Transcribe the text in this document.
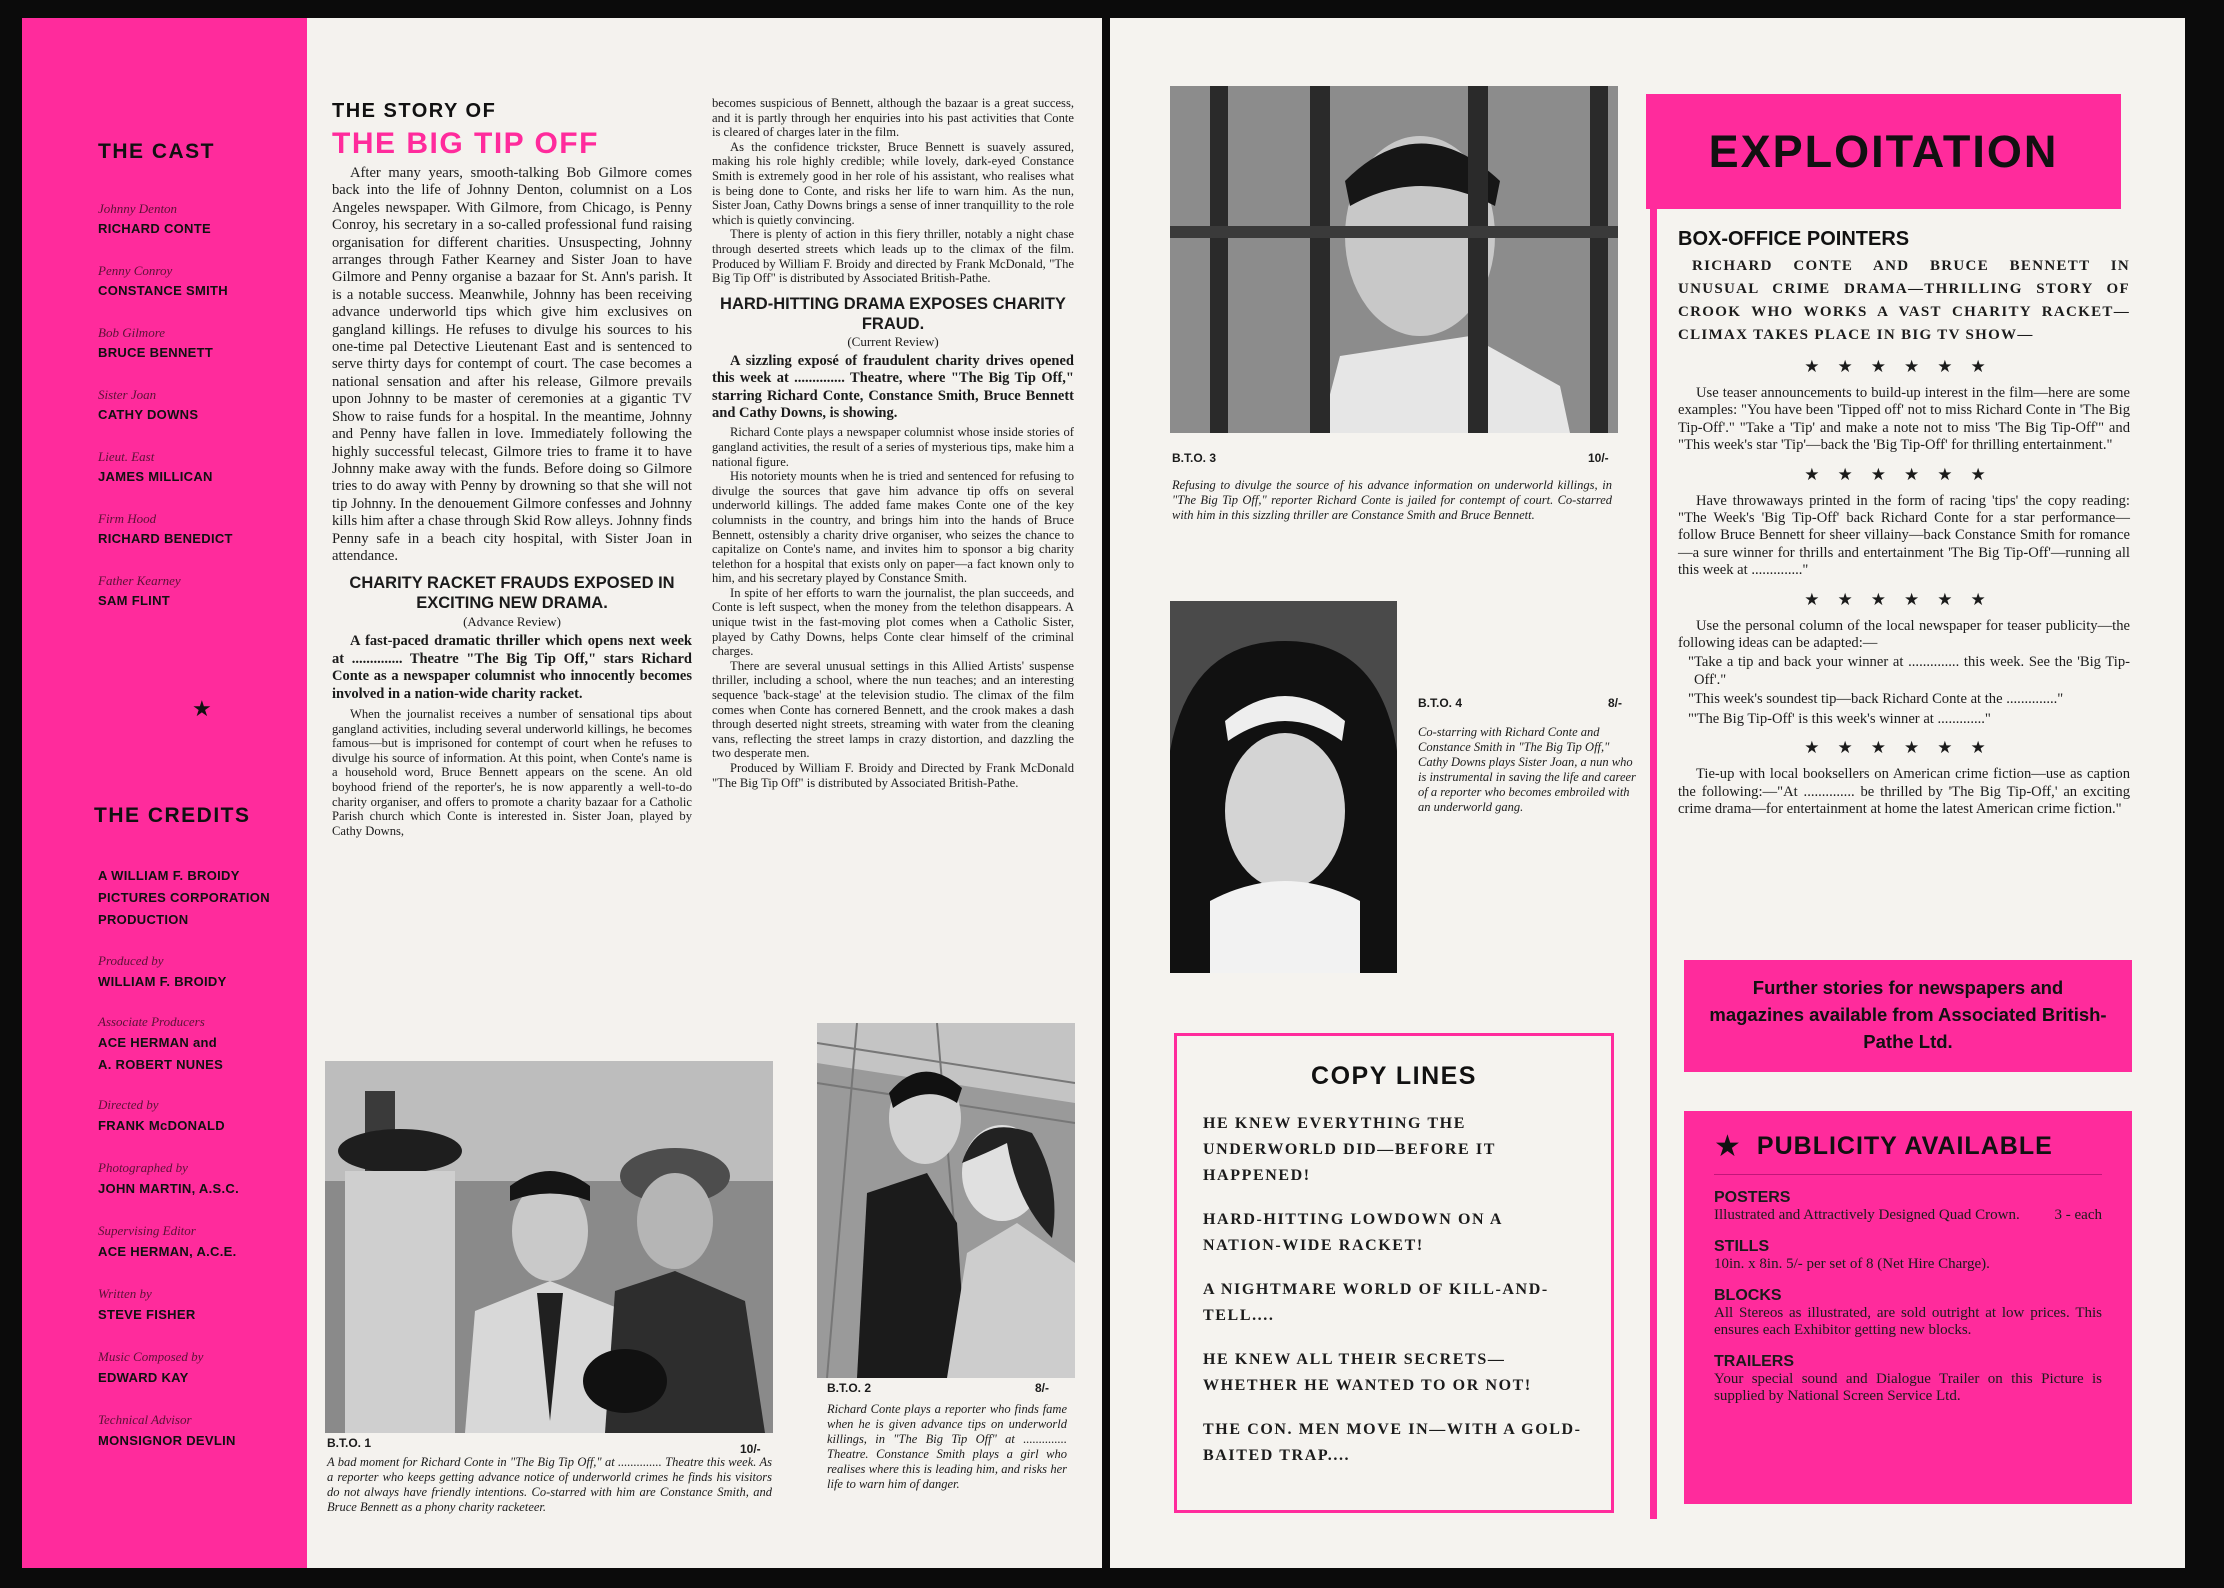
THE CAST
Johnny Denton
RICHARD CONTE
Penny Conroy
CONSTANCE SMITH
Bob Gilmore
BRUCE BENNETT
Sister Joan
CATHY DOWNS
Lieut. East
JAMES MILLICAN
Firm Hood
RICHARD BENEDICT
Father Kearney
SAM FLINT
★
THE CREDITS
A WILLIAM F. BROIDY
PICTURES CORPORATION
PRODUCTION
Produced by
WILLIAM F. BROIDY
Associate Producers
ACE HERMAN and
A. ROBERT NUNES
Directed by
FRANK McDONALD
Photographed by
JOHN MARTIN, A.S.C.
Supervising Editor
ACE HERMAN, A.C.E.
Written by
STEVE FISHER
Music Composed by
EDWARD KAY
Technical Advisor
MONSIGNOR DEVLIN
THE STORY OF
THE BIG TIP OFF

After many years, smooth-talking Bob Gilmore comes back into the life of Johnny Denton, columnist on a Los Angeles newspaper. With Gilmore, from Chicago, is Penny Conroy, his secretary in a so-called professional fund raising organisation for different charities. Unsuspecting, Johnny arranges through Father Kearney and Sister Joan to have Gilmore and Penny organise a bazaar for St. Ann's parish. It is a notable success. Meanwhile, Johnny has been receiving advance underworld tips which give him exclusives on gangland killings. He refuses to divulge his sources to his one-time pal Detective Lieutenant East and is sentenced to serve thirty days for contempt of court. The case becomes a national sensation and after his release, Gilmore prevails upon Johnny to be master of ceremonies at a gigantic TV Show to raise funds for a hospital. In the meantime, Johnny and Penny have fallen in love. Immediately following the highly successful telecast, Gilmore tries to frame it to have Johnny make away with the funds. Before doing so Gilmore tries to do away with Penny by drowning so that she will not tip Johnny. In the denouement Gilmore confesses and Johnny kills him after a chase through Skid Row alleys. Johnny finds Penny safe in a beach city hospital, with Sister Joan in attendance.

CHARITY RACKET FRAUDS EXPOSED IN EXCITING NEW DRAMA.
(Advance Review)

A fast-paced dramatic thriller which opens next week at .............. Theatre "The Big Tip Off," stars Richard Conte as a newspaper columnist who innocently becomes involved in a nation-wide charity racket.

When the journalist receives a number of sensational tips about gangland activities, including several underworld killings, he becomes famous—but is imprisoned for contempt of court when he refuses to divulge his source of information. At this point, when Conte's name is a household word, Bruce Bennett appears on the scene. An old boyhood friend of the reporter's, he is now apparently a well-to-do charity organiser, and offers to promote a charity bazaar for a Catholic Parish church which Conte is interested in. Sister Joan, played by Cathy Downs,

becomes suspicious of Bennett, although the bazaar is a great success, and it is partly through her enquiries into his past activities that Conte is cleared of charges later in the film.

As the confidence trickster, Bruce Bennett is suavely assured, making his role highly credible; while lovely, dark-eyed Constance Smith is extremely good in her role of his assistant, who realises what is being done to Conte, and risks her life to warn him. As the nun, Sister Joan, Cathy Downs brings a sense of inner tranquillity to the role which is quietly convincing.

There is plenty of action in this fiery thriller, notably a night chase through deserted streets which leads up to the climax of the film. Produced by William F. Broidy and directed by Frank McDonald, "The Big Tip Off" is distributed by Associated British-Pathe.

HARD-HITTING DRAMA EXPOSES CHARITY FRAUD.
(Current Review)

A sizzling exposé of fraudulent charity drives opened this week at .............. Theatre, where "The Big Tip Off," starring Richard Conte, Constance Smith, Bruce Bennett and Cathy Downs, is showing.

Richard Conte plays a newspaper columnist whose inside stories of gangland activities, the result of a series of mysterious tips, make him a national figure.

His notoriety mounts when he is tried and sentenced for refusing to divulge the sources that gave him advance tip offs on several underworld killings. The added fame makes Conte one of the key columnists in the country, and brings him into the hands of Bruce Bennett, ostensibly a charity drive organiser, who seizes the chance to capitalize on Conte's name, and invites him to sponsor a big charity telethon for a hospital that exists only on paper—a fact known only to him, and his secretary played by Constance Smith.

In spite of her efforts to warn the journalist, the plan succeeds, and Conte is left suspect, when the money from the telethon disappears. A unique twist in the fast-moving plot comes when a Catholic Sister, played by Cathy Downs, helps Conte clear himself of the criminal charges.

There are several unusual settings in this Allied Artists' suspense thriller, including a school, where the nun teaches; and an interesting sequence 'back-stage' at the television studio. The climax of the film comes when Conte has cornered Bennett, and the crook makes a dash through deserted night streets, streaming with water from the cleaning vans, reflecting the street lamps in crazy distortion, and dazzling the two desperate men.

Produced by William F. Broidy and Directed by Frank McDonald "The Big Tip Off" is distributed by Associated British-Pathe.

B.T.O. 1	10/-

A bad moment for Richard Conte in "The Big Tip Off," at .............. Theatre this week. As a reporter who keeps getting advance notice of underworld crimes he finds his visitors do not always have friendly intentions. Co-starred with him are Constance Smith, and Bruce Bennett as a phony charity racketeer.

B.T.O. 2	8/-

Richard Conte plays a reporter who finds fame when he is given advance tips on underworld killings, in "The Big Tip Off" at .............. Theatre. Constance Smith plays a girl who realises where this is leading him, and risks her life to warn him of danger.

B.T.O. 3	10/-

Refusing to divulge the source of his advance information on underworld killings, in "The Big Tip Off," reporter Richard Conte is jailed for contempt of court. Co-starred with him in this sizzling thriller are Constance Smith and Bruce Bennett.

B.T.O. 4	8/-

Co-starring with Richard Conte and Constance Smith in "The Big Tip Off," Cathy Downs plays Sister Joan, a nun who is instrumental in saving the life and career of a reporter who becomes embroiled with an underworld gang.

COPY LINES

HE KNEW EVERYTHING THE UNDERWORLD DID—BEFORE IT HAPPENED!

HARD-HITTING LOWDOWN ON A NATION-WIDE RACKET!

A NIGHTMARE WORLD OF KILL-AND-TELL....

HE KNEW ALL THEIR SECRETS—WHETHER HE WANTED TO OR NOT!

THE CON. MEN MOVE IN—WITH A GOLD-BAITED TRAP....

EXPLOITATION
BOX-OFFICE POINTERS

RICHARD CONTE AND BRUCE BENNETT IN UNUSUAL CRIME DRAMA—THRILLING STORY OF CROOK WHO WORKS A VAST CHARITY RACKET—CLIMAX TAKES PLACE IN BIG TV SHOW—

★★★★★★

Use teaser announcements to build-up interest in the film—here are some examples: "You have been 'Tipped off' not to miss Richard Conte in 'The Big Tip-Off'." "Take a 'Tip' and make a note not to miss 'The Big Tip-Off'" and "This week's star 'Tip'—back the 'Big Tip-Off' for thrilling entertainment."

★★★★★★

Have throwaways printed in the form of racing 'tips' the copy reading: "The Week's 'Big Tip-Off' back Richard Conte for a star performance—follow Bruce Bennett for sheer villainy—back Constance Smith for romance—a sure winner for thrills and entertainment 'The Big Tip-Off'—running all this week at .............."

★★★★★★

Use the personal column of the local newspaper for teaser publicity—the following ideas can be adapted:—

"Take a tip and back your winner at .............. this week. See the 'Big Tip-Off'."

"This week's soundest tip—back Richard Conte at the .............."

"'The Big Tip-Off' is this week's winner at ............."

★★★★★★

Tie-up with local booksellers on American crime fiction—use as caption the following:—"At .............. be thrilled by 'The Big Tip-Off,' an exciting crime drama—for entertainment at home the latest American crime fiction."

Further stories for newspapers and magazines available from Associated British-Pathe Ltd.
★ PUBLICITY AVAILABLE

POSTERS

Illustrated and Attractively Designed Quad Crown.	3 - each

STILLS

10in. x 8in. 5/- per set of 8 (Net Hire Charge).

BLOCKS

All Stereos as illustrated, are sold outright at low prices. This ensures each Exhibitor getting new blocks.

TRAILERS

Your special sound and Dialogue Trailer on this Picture is supplied by National Screen Service Ltd.
